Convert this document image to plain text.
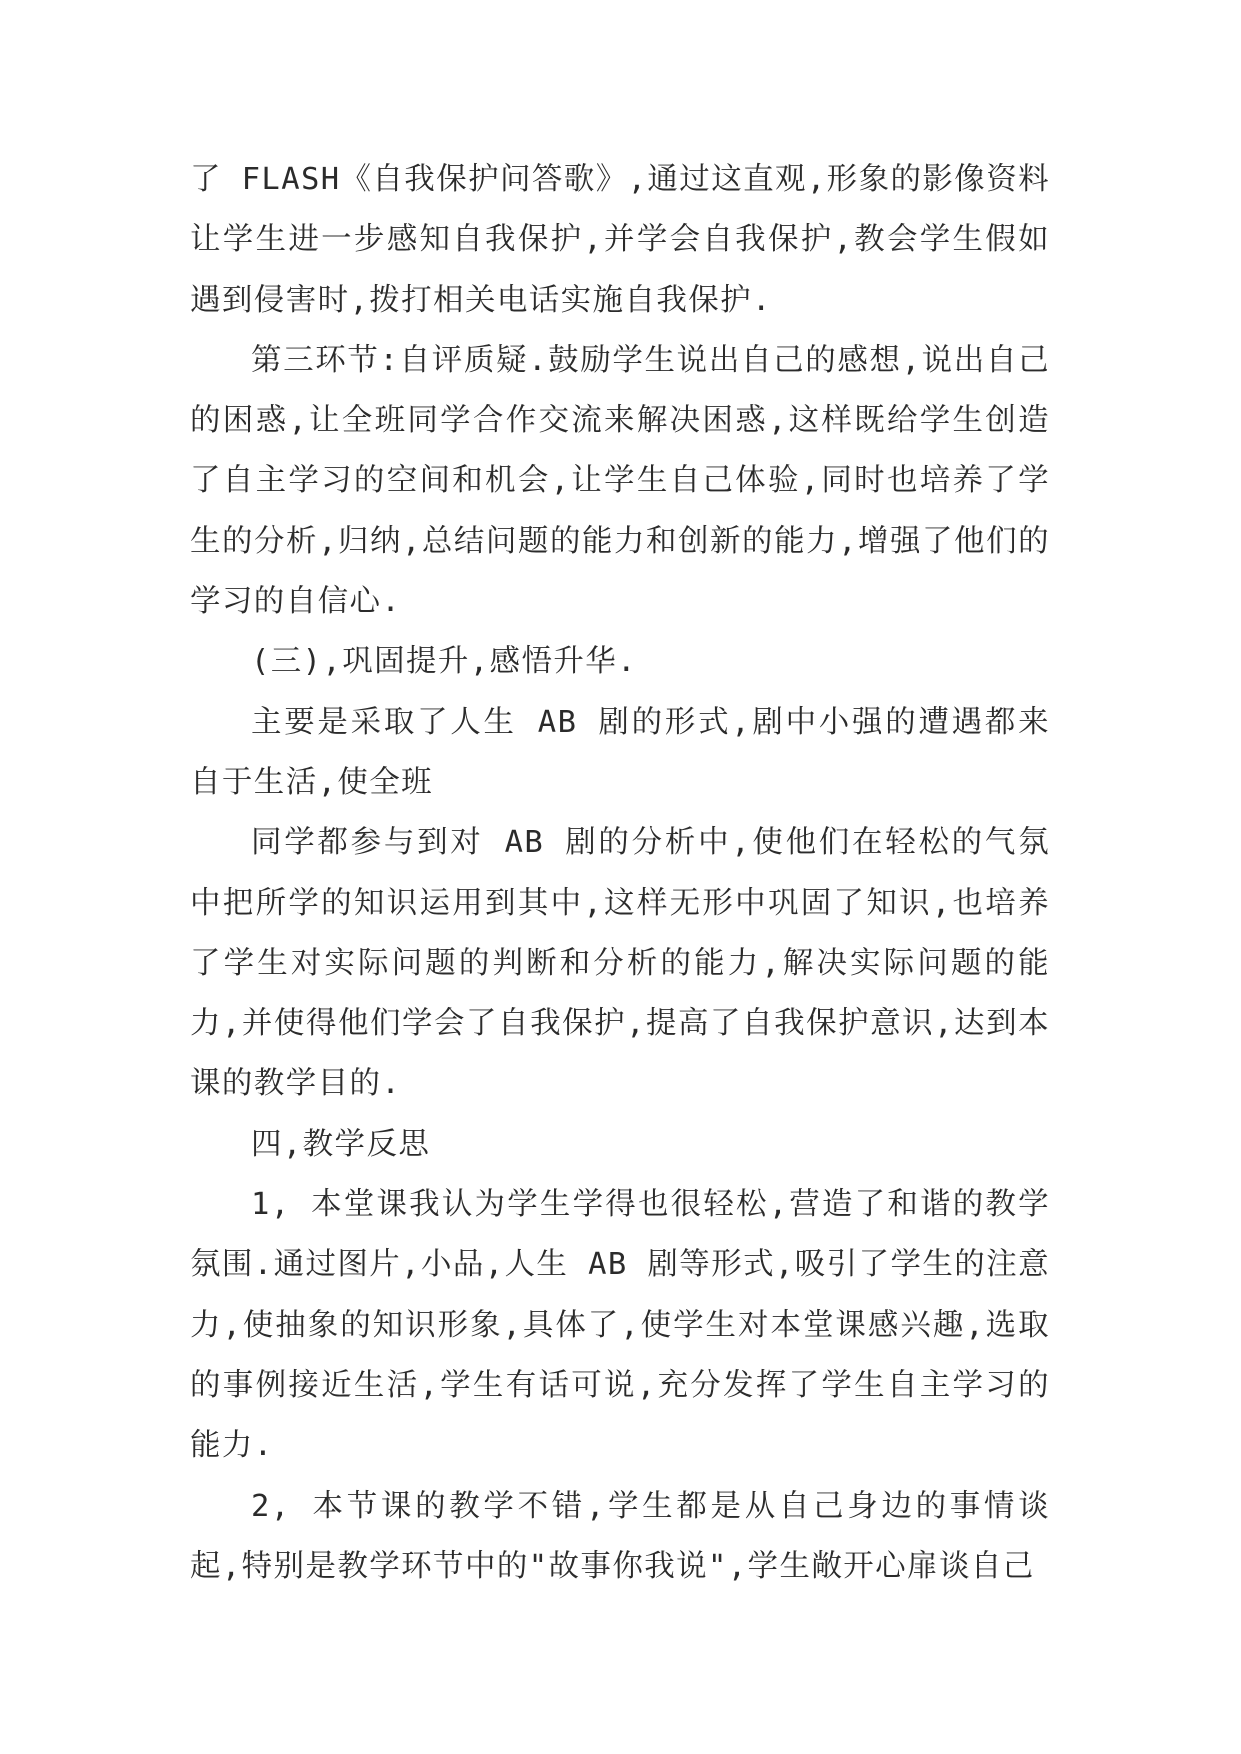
了 FLASH《自我保护问答歌》,通过这直观,形象的影像资料让学生进一步感知自我保护,并学会自我保护,教会学生假如遇到侵害时,拨打相关电话实施自我保护.

第三环节:自评质疑.鼓励学生说出自己的感想,说出自己的困惑,让全班同学合作交流来解决困惑,这样既给学生创造了自主学习的空间和机会,让学生自己体验,同时也培养了学生的分析,归纳,总结问题的能力和创新的能力,增强了他们的学习的自信心.

(三),巩固提升,感悟升华.

主要是采取了人生 AB 剧的形式,剧中小强的遭遇都来自于生活,使全班

同学都参与到对 AB 剧的分析中,使他们在轻松的气氛中把所学的知识运用到其中,这样无形中巩固了知识,也培养了学生对实际问题的判断和分析的能力,解决实际问题的能力,并使得他们学会了自我保护,提高了自我保护意识,达到本课的教学目的.

四,教学反思

1, 本堂课我认为学生学得也很轻松,营造了和谐的教学氛围.通过图片,小品,人生 AB 剧等形式,吸引了学生的注意力,使抽象的知识形象,具体了,使学生对本堂课感兴趣,选取的事例接近生活,学生有话可说,充分发挥了学生自主学习的能力.

2, 本节课的教学不错,学生都是从自己身边的事情谈起,特别是教学环节中的"故事你我说",学生敞开心扉谈自己
